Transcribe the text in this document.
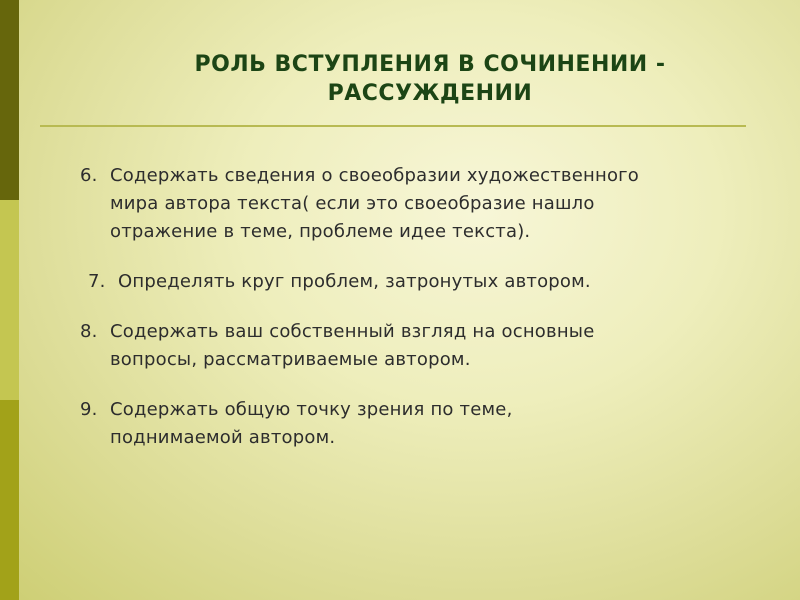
РОЛЬ ВСТУПЛЕНИЯ В СОЧИНЕНИИ -
РАССУЖДЕНИИ
6. Содержать сведения о своеобразии художественного
мира автора текста( если это своеобразие нашло
отражение в теме, проблеме идее текста).
7. Определять круг проблем, затронутых автором.
8. Содержать ваш собственный взгляд на основные
вопросы, рассматриваемые автором.
9. Содержать общую точку зрения по теме,
поднимаемой автором.
